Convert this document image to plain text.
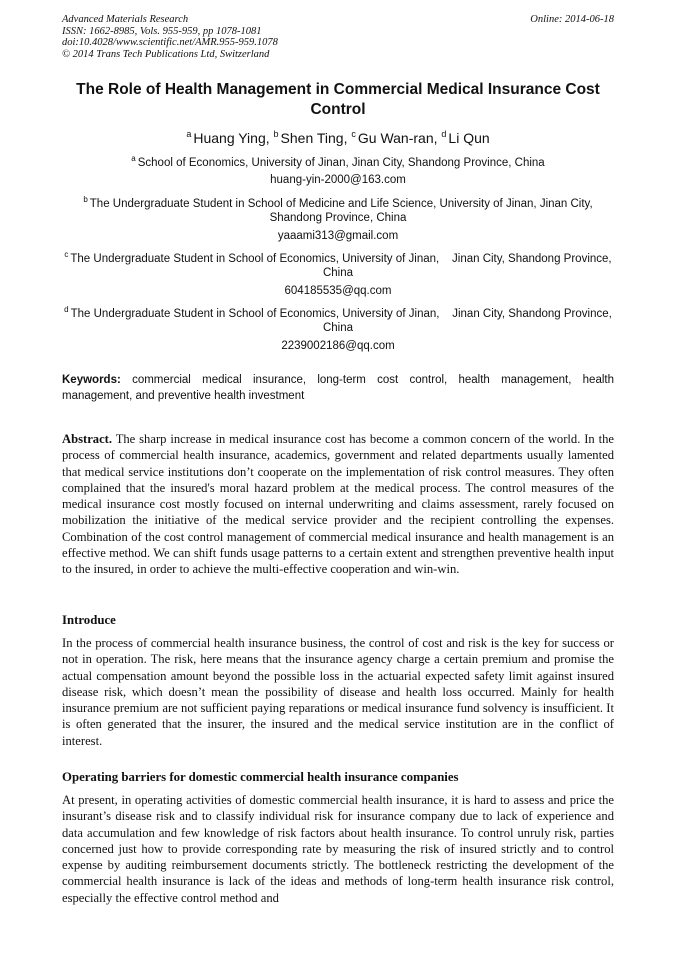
Advanced Materials Research
ISSN: 1662-8985, Vols. 955-959, pp 1078-1081
doi:10.4028/www.scientific.net/AMR.955-959.1078
© 2014 Trans Tech Publications Ltd, Switzerland
Online: 2014-06-18
The Role of Health Management in Commercial Medical Insurance Cost Control
$^a$ Huang Ying, $^b$ Shen Ting, $^c$ Gu Wan-ran, $^d$ Li Qun
$^a$ School of Economics, University of Jinan, Jinan City, Shandong Province, China
huang-yin-2000@163.com
$^b$ The Undergraduate Student in School of Medicine and Life Science, University of Jinan, Jinan City, Shandong Province, China
yaaami313@gmail.com
$^c$ The Undergraduate Student in School of Economics, University of Jinan,    Jinan City, Shandong Province, China
604185535@qq.com
$^d$ The Undergraduate Student in School of Economics, University of Jinan,    Jinan City, Shandong Province, China
2239002186@qq.com
Keywords: commercial medical insurance, long-term cost control, health management, health management, and preventive health investment
Abstract. The sharp increase in medical insurance cost has become a common concern of the world. In the process of commercial health insurance, academics, government and related departments usually lamented that medical service institutions don’t cooperate on the implementation of risk control measures. They often complained that the insured's moral hazard problem at the medical process. The control measures of the medical insurance cost mostly focused on internal underwriting and claims assessment, rarely focused on mobilization the initiative of the medical service provider and the recipient controlling the expenses. Combination of the cost control management of commercial medical insurance and health management is an effective method. We can shift funds usage patterns to a certain extent and strengthen preventive health input to the insured, in order to achieve the multi-effective cooperation and win-win.
Introduce
In the process of commercial health insurance business, the control of cost and risk is the key for success or not in operation. The risk, here means that the insurance agency charge a certain premium and promise the actual compensation amount beyond the possible loss in the actuarial expected safety limit against insured disease risk, which doesn’t mean the possibility of disease and health loss occurred. Mainly for health insurance premium are not sufficient paying reparations or medical insurance fund solvency is insufficient. It is often generated that the insurer, the insured and the medical service institution are in the conflict of interest.
Operating barriers for domestic commercial health insurance companies
At present, in operating activities of domestic commercial health insurance, it is hard to assess and price the insurant’s disease risk and to classify individual risk for insurance company due to lack of experience and data accumulation and few knowledge of risk factors about health insurance. To control unruly risk, parties concerned just how to provide corresponding rate by measuring the risk of insured strictly and to control expense by auditing reimbursement documents strictly. The bottleneck restricting the development of the commercial health insurance is lack of the ideas and methods of long-term health insurance risk control, especially the effective control method and
